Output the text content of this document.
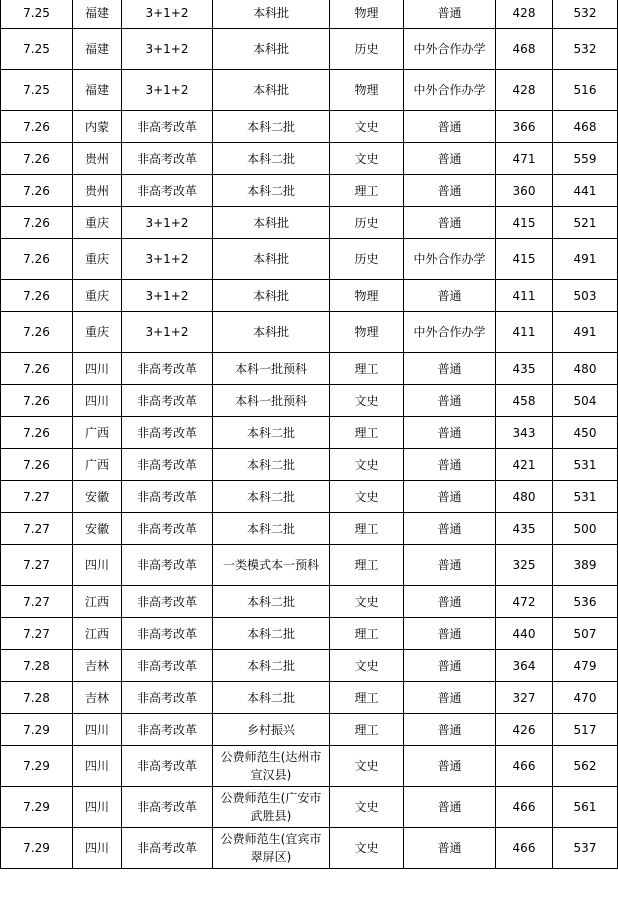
7.25	福建	3+1+2	本科批	物理	普通	428	532
7.25	福建	3+1+2	本科批	历史	中外合作办学	468	532
7.25	福建	3+1+2	本科批	物理	中外合作办学	428	516
7.26	内蒙	非高考改革	本科二批	文史	普通	366	468
7.26	贵州	非高考改革	本科二批	文史	普通	471	559
7.26	贵州	非高考改革	本科二批	理工	普通	360	441
7.26	重庆	3+1+2	本科批	历史	普通	415	521
7.26	重庆	3+1+2	本科批	历史	中外合作办学	415	491
7.26	重庆	3+1+2	本科批	物理	普通	411	503
7.26	重庆	3+1+2	本科批	物理	中外合作办学	411	491
7.26	四川	非高考改革	本科一批预科	理工	普通	435	480
7.26	四川	非高考改革	本科一批预科	文史	普通	458	504
7.26	广西	非高考改革	本科二批	理工	普通	343	450
7.26	广西	非高考改革	本科二批	文史	普通	421	531
7.27	安徽	非高考改革	本科二批	文史	普通	480	531
7.27	安徽	非高考改革	本科二批	理工	普通	435	500
7.27	四川	非高考改革	一类模式本一预科	理工	普通	325	389
7.27	江西	非高考改革	本科二批	文史	普通	472	536
7.27	江西	非高考改革	本科二批	理工	普通	440	507
7.28	吉林	非高考改革	本科二批	文史	普通	364	479
7.28	吉林	非高考改革	本科二批	理工	普通	327	470
7.29	四川	非高考改革	乡村振兴	理工	普通	426	517
7.29	四川	非高考改革	公费师范生(达州市宣汉县)	文史	普通	466	562
7.29	四川	非高考改革	公费师范生(广安市武胜县)	文史	普通	466	561
7.29	四川	非高考改革	公费师范生(宜宾市翠屏区)	文史	普通	466	537
